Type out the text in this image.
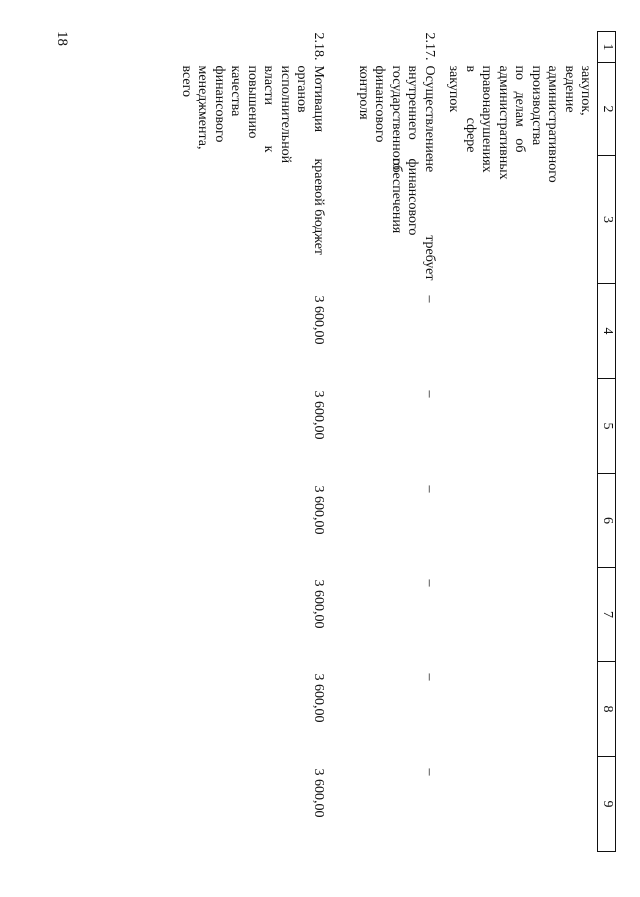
18
1	2	3	4	5	6	7	8	9
	закупок, ведение административного производства по делам об административных правонарушениях в сфере закупок							
2.17.	Осуществление внутреннего государственного финансового контроля	не требует финансового обеспечения	–	–	–	–	–	–
2.18.	Мотивация органов исполнительной власти к повышению качества финансового менеджмента, всего	краевой бюджет	3 600,00	3 600,00	3 600,00	3 600,00	3 600,00	3 600,00
